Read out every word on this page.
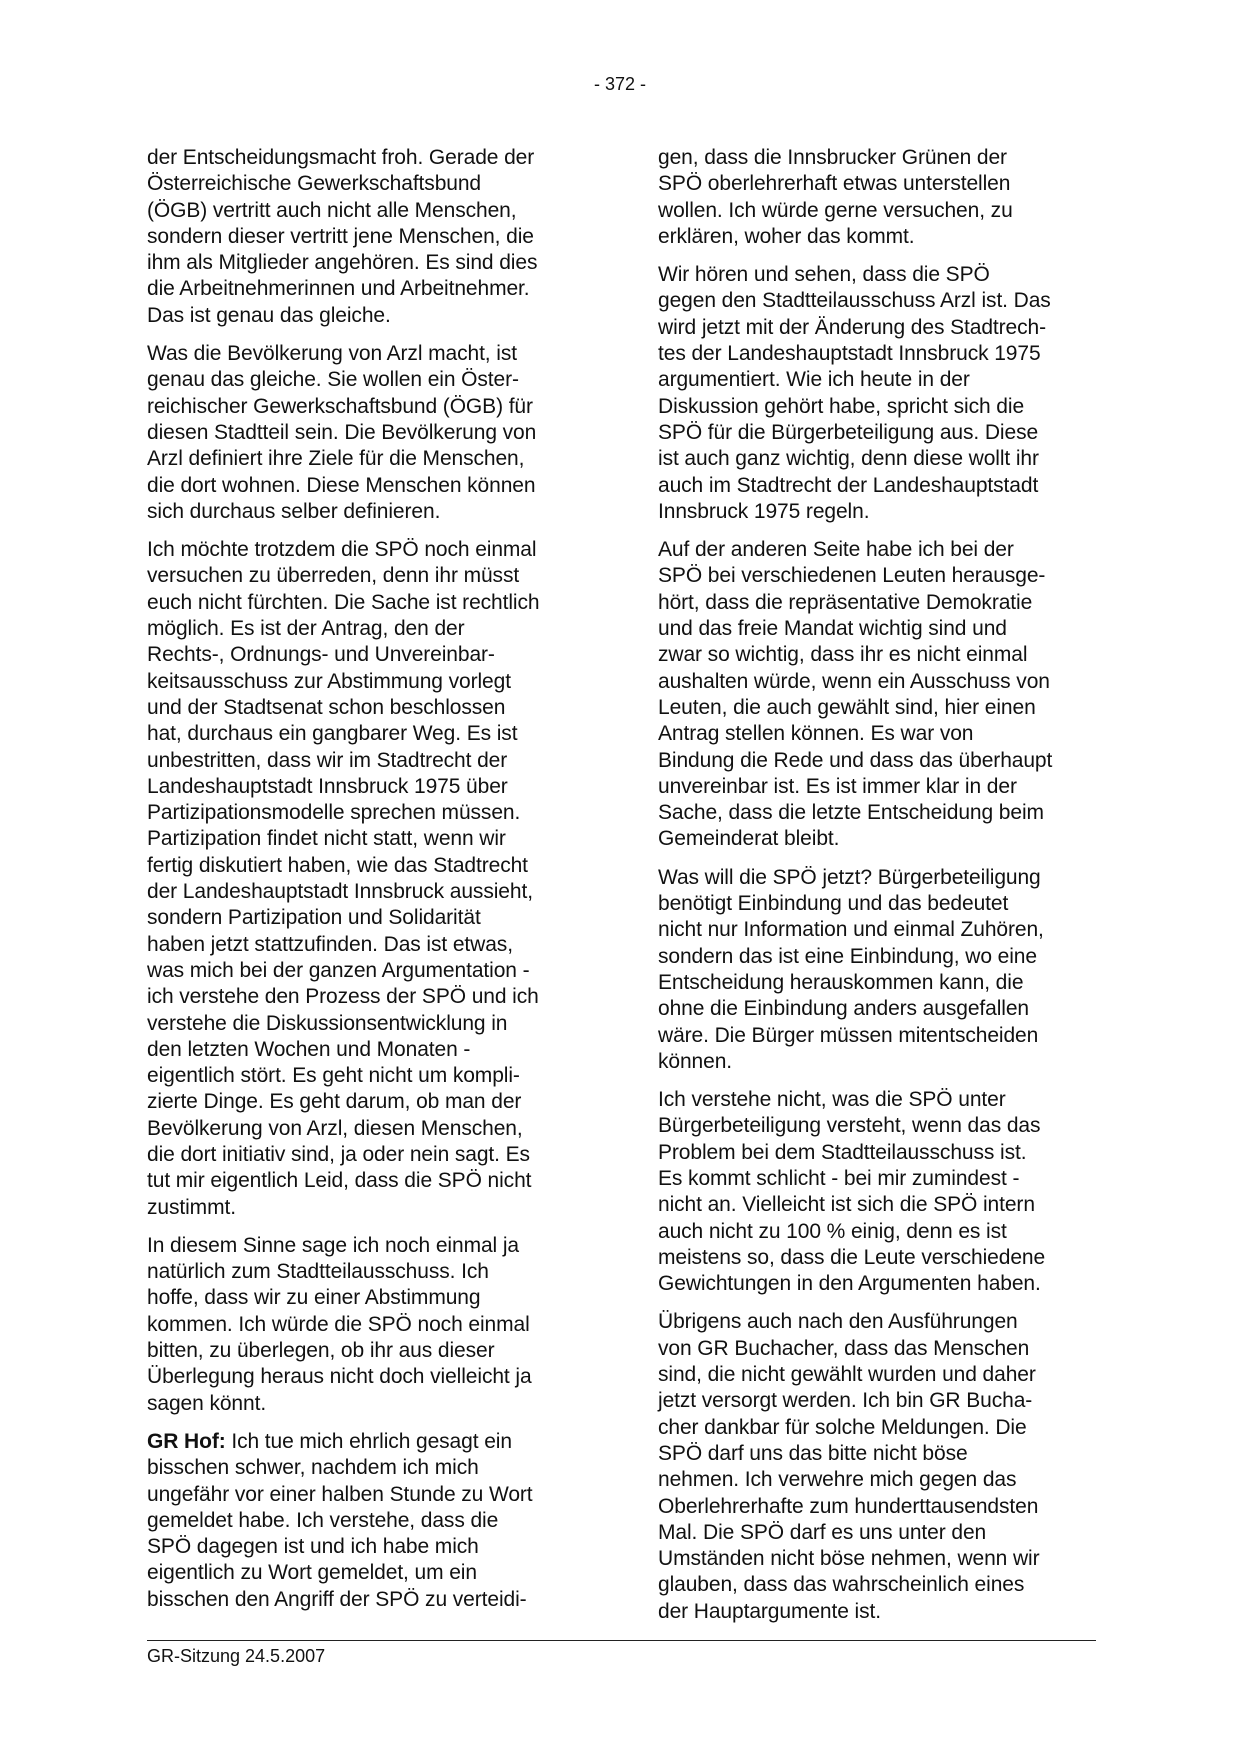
- 372 -
der Entscheidungsmacht froh. Gerade der
Österreichische Gewerkschaftsbund
(ÖGB) vertritt auch nicht alle Menschen,
sondern dieser vertritt jene Menschen, die
ihm als Mitglieder angehören. Es sind dies
die Arbeitnehmerinnen und Arbeitnehmer.
Das ist genau das gleiche.
Was die Bevölkerung von Arzl macht, ist
genau das gleiche. Sie wollen ein Öster-
reichischer Gewerkschaftsbund (ÖGB) für
diesen Stadtteil sein. Die Bevölkerung von
Arzl definiert ihre Ziele für die Menschen,
die dort wohnen. Diese Menschen können
sich durchaus selber definieren.
Ich möchte trotzdem die SPÖ noch einmal
versuchen zu überreden, denn ihr müsst
euch nicht fürchten. Die Sache ist rechtlich
möglich. Es ist der Antrag, den der
Rechts-, Ordnungs- und Unvereinbar-
keitsausschuss zur Abstimmung vorlegt
und der Stadtsenat schon beschlossen
hat, durchaus ein gangbarer Weg. Es ist
unbestritten, dass wir im Stadtrecht der
Landeshauptstadt Innsbruck 1975 über
Partizipationsmodelle sprechen müssen.
Partizipation findet nicht statt, wenn wir
fertig diskutiert haben, wie das Stadtrecht
der Landeshauptstadt Innsbruck aussieht,
sondern Partizipation und Solidarität
haben jetzt stattzufinden. Das ist etwas,
was mich bei der ganzen Argumentation -
ich verstehe den Prozess der SPÖ und ich
verstehe die Diskussionsentwicklung in
den letzten Wochen und Monaten -
eigentlich stört. Es geht nicht um kompli-
zierte Dinge. Es geht darum, ob man der
Bevölkerung von Arzl, diesen Menschen,
die dort initiativ sind, ja oder nein sagt. Es
tut mir eigentlich Leid, dass die SPÖ nicht
zustimmt.
In diesem Sinne sage ich noch einmal ja
natürlich zum Stadtteilausschuss. Ich
hoffe, dass wir zu einer Abstimmung
kommen. Ich würde die SPÖ noch einmal
bitten, zu überlegen, ob ihr aus dieser
Überlegung heraus nicht doch vielleicht ja
sagen könnt.
GR Hof: Ich tue mich ehrlich gesagt ein
bisschen schwer, nachdem ich mich
ungefähr vor einer halben Stunde zu Wort
gemeldet habe. Ich verstehe, dass die
SPÖ dagegen ist und ich habe mich
eigentlich zu Wort gemeldet, um ein
bisschen den Angriff der SPÖ zu verteidi-
gen, dass die Innsbrucker Grünen der
SPÖ oberlehrerhaft etwas unterstellen
wollen. Ich würde gerne versuchen, zu
erklären, woher das kommt.
Wir hören und sehen, dass die SPÖ
gegen den Stadtteilausschuss Arzl ist. Das
wird jetzt mit der Änderung des Stadtrech-
tes der Landeshauptstadt Innsbruck 1975
argumentiert. Wie ich heute in der
Diskussion gehört habe, spricht sich die
SPÖ für die Bürgerbeteiligung aus. Diese
ist auch ganz wichtig, denn diese wollt ihr
auch im Stadtrecht der Landeshauptstadt
Innsbruck 1975 regeln.
Auf der anderen Seite habe ich bei der
SPÖ bei verschiedenen Leuten herausge-
hört, dass die repräsentative Demokratie
und das freie Mandat wichtig sind und
zwar so wichtig, dass ihr es nicht einmal
aushalten würde, wenn ein Ausschuss von
Leuten, die auch gewählt sind, hier einen
Antrag stellen können. Es war von
Bindung die Rede und dass das überhaupt
unvereinbar ist. Es ist immer klar in der
Sache, dass die letzte Entscheidung beim
Gemeinderat bleibt.
Was will die SPÖ jetzt? Bürgerbeteiligung
benötigt Einbindung und das bedeutet
nicht nur Information und einmal Zuhören,
sondern das ist eine Einbindung, wo eine
Entscheidung herauskommen kann, die
ohne die Einbindung anders ausgefallen
wäre. Die Bürger müssen mitentscheiden
können.
Ich verstehe nicht, was die SPÖ unter
Bürgerbeteiligung versteht, wenn das das
Problem bei dem Stadtteilausschuss ist.
Es kommt schlicht - bei mir zumindest -
nicht an. Vielleicht ist sich die SPÖ intern
auch nicht zu 100 % einig, denn es ist
meistens so, dass die Leute verschiedene
Gewichtungen in den Argumenten haben.
Übrigens auch nach den Ausführungen
von GR Buchacher, dass das Menschen
sind, die nicht gewählt wurden und daher
jetzt versorgt werden. Ich bin GR Bucha-
cher dankbar für solche Meldungen. Die
SPÖ darf uns das bitte nicht böse
nehmen. Ich verwehre mich gegen das
Oberlehrerhafte zum hunderttausendsten
Mal. Die SPÖ darf es uns unter den
Umständen nicht böse nehmen, wenn wir
glauben, dass das wahrscheinlich eines
der Hauptargumente ist.
GR-Sitzung 24.5.2007
